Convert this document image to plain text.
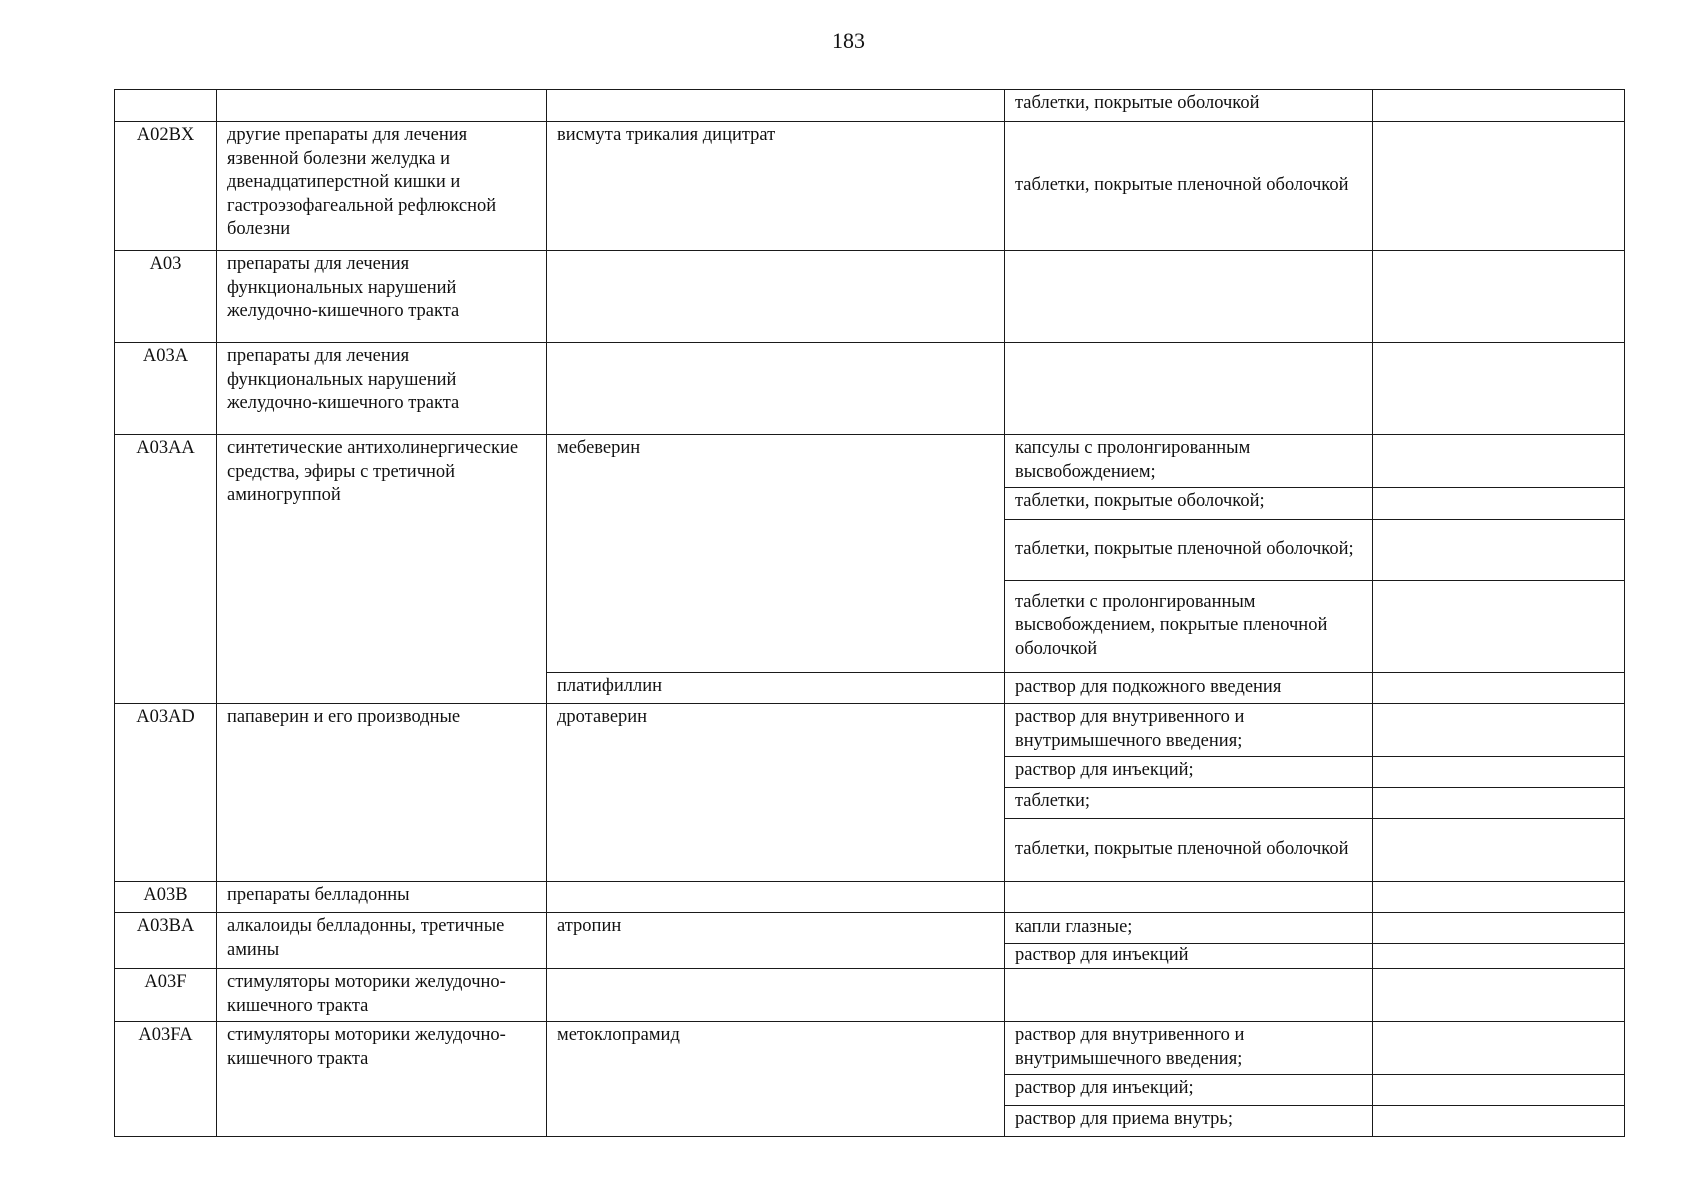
183
			таблетки, покрытые оболочкой	
A02BX	другие препараты для лечения язвенной болезни желудка и двенадцатиперстной кишки и гастроэзофагеальной рефлюксной болезни	висмута трикалия дицитрат	таблетки, покрытые пленочной оболочкой	
A03	препараты для лечения функциональных нарушений желудочно-кишечного тракта			
A03A	препараты для лечения функциональных нарушений желудочно-кишечного тракта			
A03AA	синтетические антихолинергические средства, эфиры с третичной аминогруппой	мебеверин	капсулы с пролонгированным высвобождением;	
			таблетки, покрытые оболочкой;	
			таблетки, покрытые пленочной оболочкой;	
			таблетки с пролонгированным высвобождением, покрытые пленочной оболочкой	
		платифиллин	раствор для подкожного введения	
A03AD	папаверин и его производные	дротаверин	раствор для внутривенного и внутримышечного введения;	
			раствор для инъекций;	
			таблетки;	
			таблетки, покрытые пленочной оболочкой	
A03B	препараты белладонны			
A03BA	алкалоиды белладонны, третичные амины	атропин	капли глазные;	
			раствор для инъекций	
A03F	стимуляторы моторики желудочно-кишечного тракта			
A03FA	стимуляторы моторики желудочно-кишечного тракта	метоклопрамид	раствор для внутривенного и внутримышечного введения;	
			раствор для инъекций;	
			раствор для приема внутрь;	
